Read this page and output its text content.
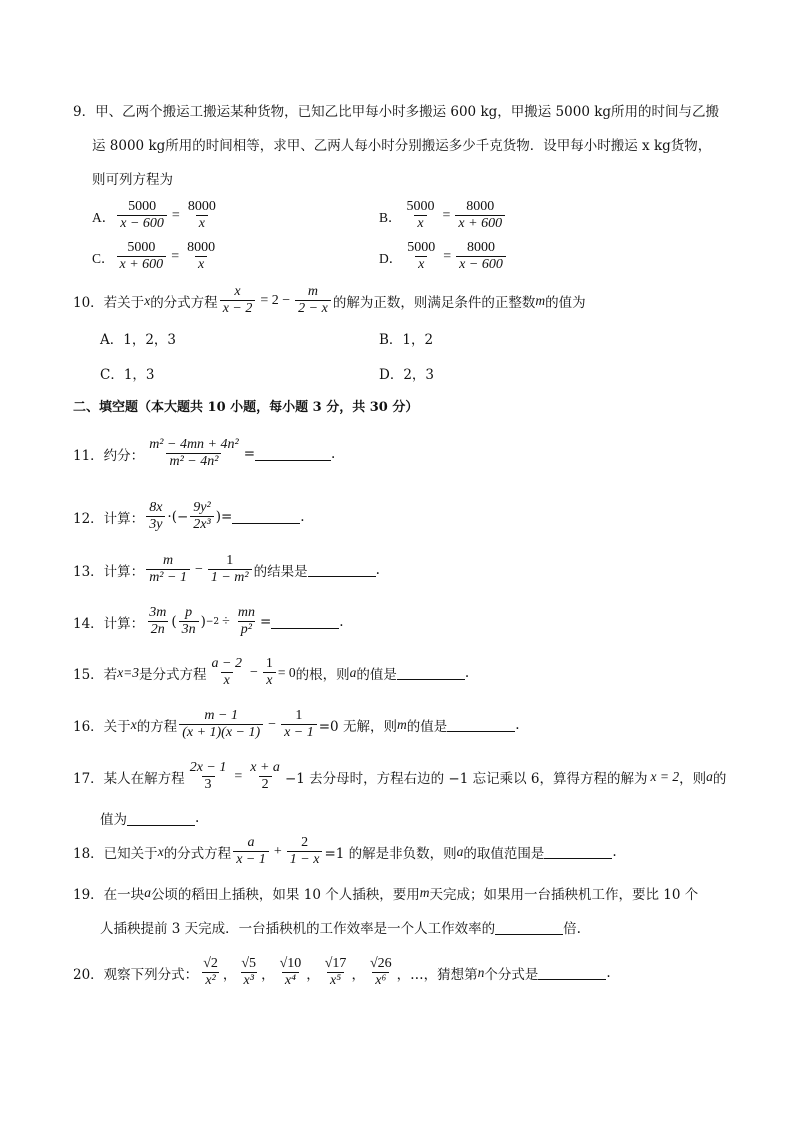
9．甲、乙两个搬运工搬运某种货物，已知乙比甲每小时多搬运 600 kg，甲搬运 5000 kg所用的时间与乙搬
运 8000 kg所用的时间相等，求甲、乙两人每小时分别搬运多少千克货物．设甲每小时搬运 x kg货物，
则可列方程为
A． $\frac{5000}{x - 600} = \frac{8000}{x}$	B． $\frac{5000}{x} = \frac{8000}{x + 600}$
C． $\frac{5000}{x + 600} = \frac{8000}{x}$	D． $\frac{5000}{x} = \frac{8000}{x - 600}$
10．若关于 x 的分式方程 $\frac{x}{x - 2} = 2 - \frac{m}{2 - x}$ 的解为正数，则满足条件的正整数 m 的值为
A．1，2，3	B．1，2
C．1，3	D．2，3
二、填空题（本大题共 10 小题，每小题 3 分，共 30 分）
11．约分： $\frac{\text{m² − 4mn + 4n²}}{\text{m² − 4n²}}$ =	.
12．计算： $\frac{8x}{3y}$ ·(− $\frac{\text{9y²}}{\text{2x³}}$ )=	.
13．计算： $\frac{m}{\text{m² − 1}} - \frac{1}{\text{1 − m²}}$ 的结果是	.
14．计算： $\frac{3m}{2n}$ ( $\frac{p}{3n}$ ) $-2 \div \frac{mn}{\text{p²}}$ =	.
15．若 x=3 是分式方程 $\frac{a - 2}{x} - \frac{1}{x} = 0$ 的根，则 a 的值是	.
16．关于 x 的方程 $\frac{m - 1}{(x + 1)(x - 1)} - \frac{1}{x - 1} =0$ 无解，则 m 的值是	.
17．某人在解方程 $\frac{2x - 1}{3} = \frac{x + a}{2} -1$ 去分母时，方程右边的 −1 忘记乘以 6，算得方程的解为 x = 2 ，则 a 的
值为	.
18．已知关于 x 的分式方程 $\frac{a}{x - 1} + \frac{2}{1 - x} =1$ 的解是非负数，则 a 的取值范围是	.
19．在一块 a 公顷的稻田上插秧，如果 10 个人插秧，要用 m 天完成；如果用一台插秧机工作，要比 10 个
人插秧提前 3 天完成．一台插秧机的工作效率是一个人工作效率的	倍.
20．观察下列分式： $\frac{√2}{\text{x²}}$ ， $\frac{√5}{\text{x³}}$ ， $\frac{√10}{\text{x⁴}}$ ， $\frac{√17}{\text{x⁵}}$ ， $\frac{√26}{\text{x⁶}}$ ，…，猜想第 n 个分式是	.
